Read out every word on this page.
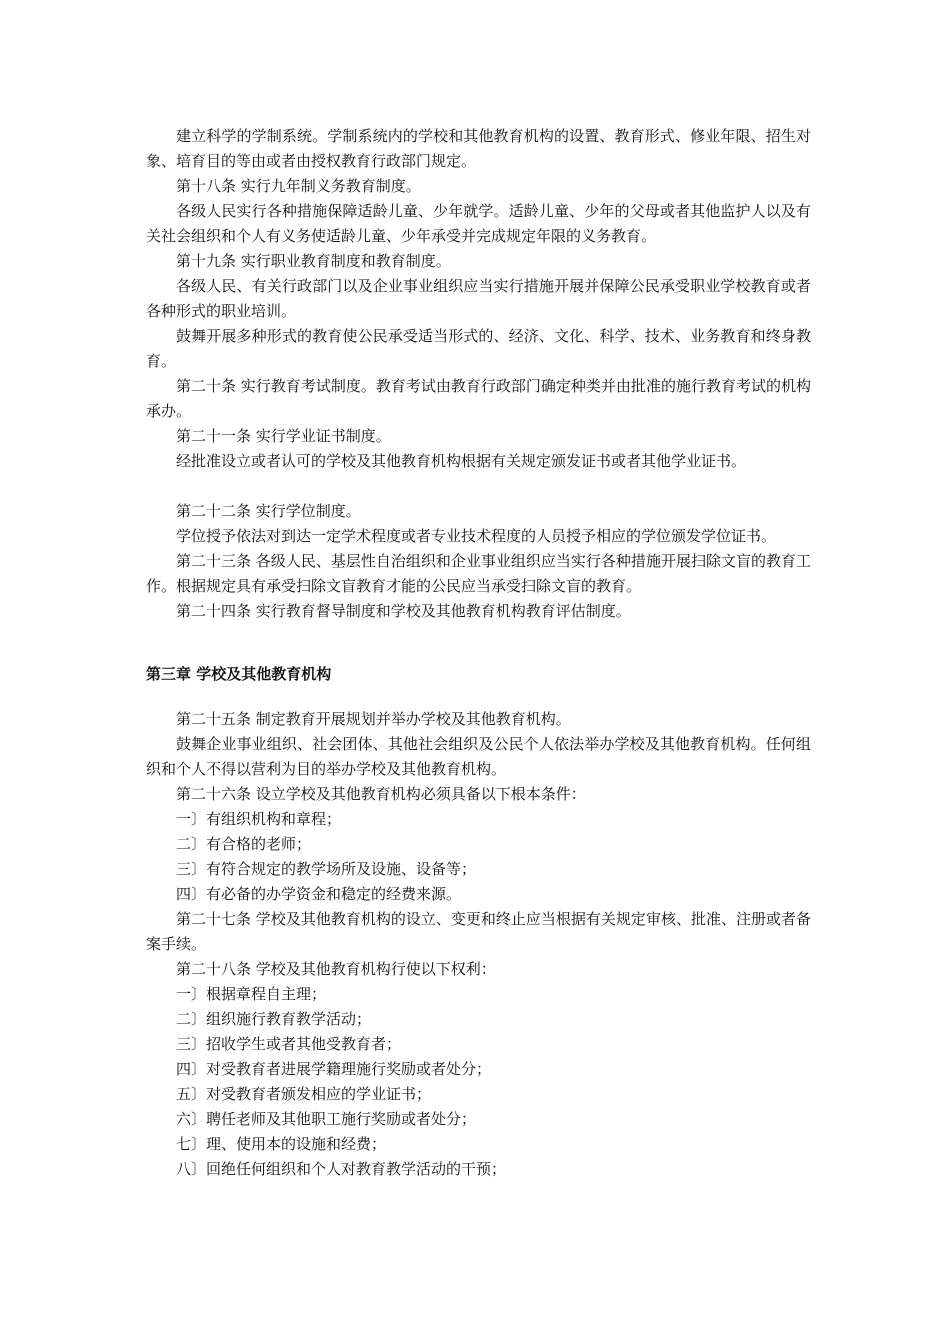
建立科学的学制系统。学制系统内的学校和其他教育机构的设置、教育形式、修业年限、招生对象、培育目的等由或者由授权教育行政部门规定。

第十八条 实行九年制义务教育制度。

各级人民实行各种措施保障适龄儿童、少年就学。适龄儿童、少年的父母或者其他监护人以及有关社会组织和个人有义务使适龄儿童、少年承受并完成规定年限的义务教育。

第十九条 实行职业教育制度和教育制度。

各级人民、有关行政部门以及企业事业组织应当实行措施开展并保障公民承受职业学校教育或者各种形式的职业培训。

鼓舞开展多种形式的教育使公民承受适当形式的、经济、文化、科学、技术、业务教育和终身教育。

第二十条 实行教育考试制度。教育考试由教育行政部门确定种类并由批准的施行教育考试的机构承办。

第二十一条 实行学业证书制度。

经批准设立或者认可的学校及其他教育机构根据有关规定颁发证书或者其他学业证书。

第二十二条 实行学位制度。

学位授予依法对到达一定学术程度或者专业技术程度的人员授予相应的学位颁发学位证书。

第二十三条 各级人民、基层性自治组织和企业事业组织应当实行各种措施开展扫除文盲的教育工作。根据规定具有承受扫除文盲教育才能的公民应当承受扫除文盲的教育。

第二十四条 实行教育督导制度和学校及其他教育机构教育评估制度。

第三章 学校及其他教育机构

第二十五条 制定教育开展规划并举办学校及其他教育机构。

鼓舞企业事业组织、社会团体、其他社会组织及公民个人依法举办学校及其他教育机构。任何组织和个人不得以营利为目的举办学校及其他教育机构。

第二十六条 设立学校及其他教育机构必须具备以下根本条件：

一〕有组织机构和章程；

二〕有合格的老师；

三〕有符合规定的教学场所及设施、设备等；

四〕有必备的办学资金和稳定的经费来源。

第二十七条 学校及其他教育机构的设立、变更和终止应当根据有关规定审核、批准、注册或者备案手续。

第二十八条 学校及其他教育机构行使以下权利：

一〕根据章程自主理；

二〕组织施行教育教学活动；

三〕招收学生或者其他受教育者；

四〕对受教育者进展学籍理施行奖励或者处分；

五〕对受教育者颁发相应的学业证书；

六〕聘任老师及其他职工施行奖励或者处分；

七〕理、使用本的设施和经费；

八〕回绝任何组织和个人对教育教学活动的干预；
